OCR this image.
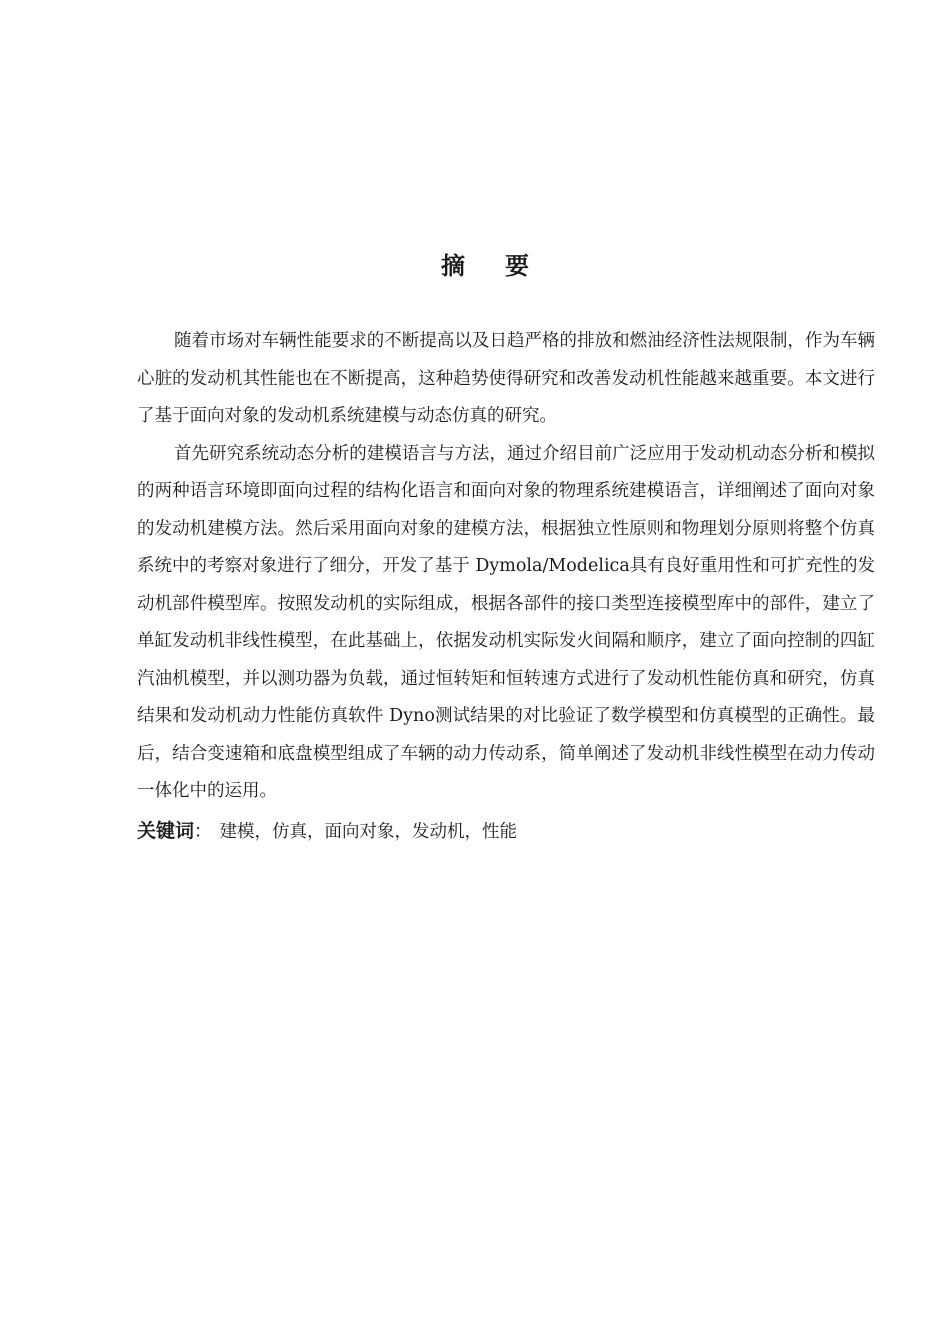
摘要

随着市场对车辆性能要求的不断提高以及日趋严格的排放和燃油经济性法规限制，作为车辆心脏的发动机其性能也在不断提高，这种趋势使得研究和改善发动机性能越来越重要。本文进行了基于面向对象的发动机系统建模与动态仿真的研究。

首先研究系统动态分析的建模语言与方法，通过介绍目前广泛应用于发动机动态分析和模拟的两种语言环境即面向过程的结构化语言和面向对象的物理系统建模语言，详细阐述了面向对象的发动机建模方法。然后采用面向对象的建模方法，根据独立性原则和物理划分原则将整个仿真系统中的考察对象进行了细分，开发了基于 Dymola/Modelica具有良好重用性和可扩充性的发动机部件模型库。按照发动机的实际组成，根据各部件的接口类型连接模型库中的部件，建立了单缸发动机非线性模型，在此基础上，依据发动机实际发火间隔和顺序，建立了面向控制的四缸汽油机模型，并以测功器为负载，通过恒转矩和恒转速方式进行了发动机性能仿真和研究，仿真结果和发动机动力性能仿真软件 Dyno测试结果的对比验证了数学模型和仿真模型的正确性。最后，结合变速箱和底盘模型组成了车辆的动力传动系，简单阐述了发动机非线性模型在动力传动一体化中的运用。

关键词： 建模，仿真，面向对象，发动机，性能
